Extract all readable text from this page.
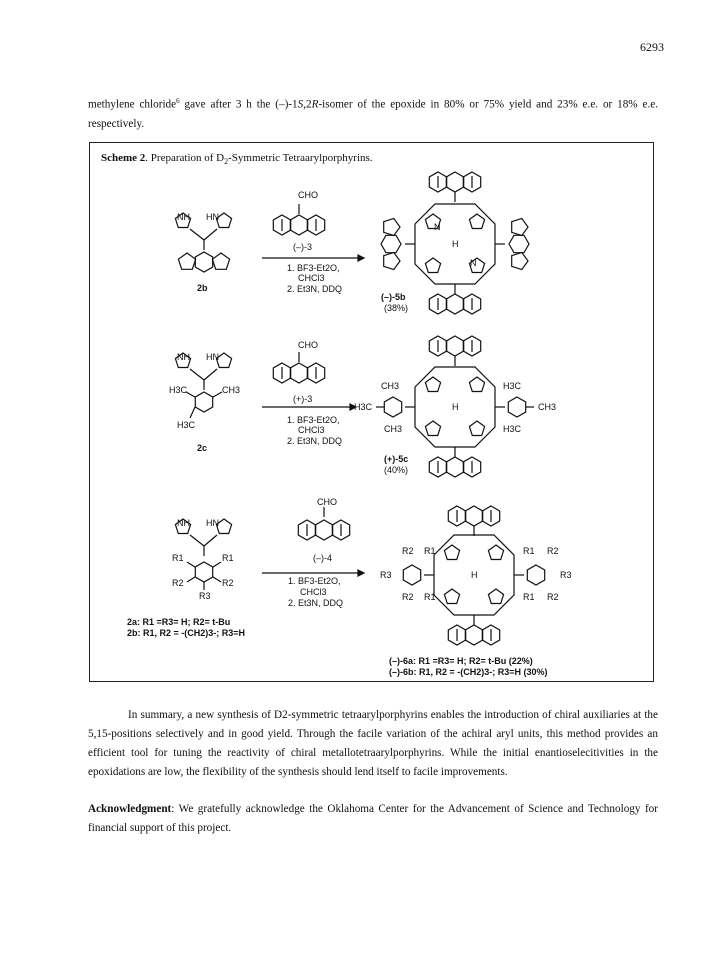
6293
methylene chloride$^6$ gave after 3 h the (–)-1S,2R-isomer of the epoxide in 80% or 75% yield and 23% e.e. or 18% e.e. respectively.
Scheme 2. Preparation of $D_2$-Symmetric Tetraarylporphyrins.
CHO
NH HN
(–)-3
1. BF3-Et2O,
CHCl3
2. Et3N, DDQ
2b
N
N
H
(–)-5b
(38%)
CHO
NH HN
H3C	CH3
H3C
2c
(+)-3
1. BF3-Et2O,
CHCl3
2. Et3N, DDQ
CH3	H3C
H3C	CH3
CH3	H3C
H
(+)-5c
(40%)
CHO
NH HN
R1	R1
R2	R2
R3
(–)-4
1. BF3-Et2O,
CHCl3
2. Et3N, DDQ
2a: R1 =R3= H; R2= t-Bu
2b: R1, R2 = -(CH2)3-; R3=H
R2 R1	R1 R2
R3	R3
R2 R1	R1 R2
H
(–)-6a: R1 =R3= H; R2= t-Bu (22%)
(–)-6b: R1, R2 = -(CH2)3-; R3=H (30%)
In summary, a new synthesis of D2-symmetric tetraarylporphyrins enables the introduction of chiral auxiliaries at the 5,15-positions selectively and in good yield. Through the facile variation of the achiral aryl units, this method provides an efficient tool for tuning the reactivity of chiral metallotetraarylporphyrins. While the initial enantioselecitivities in the epoxidations are low, the flexibility of the synthesis should lend itself to facile improvements.
Acknowledgment: We gratefully acknowledge the Oklahoma Center for the Advancement of Science and Technology for financial support of this project.
